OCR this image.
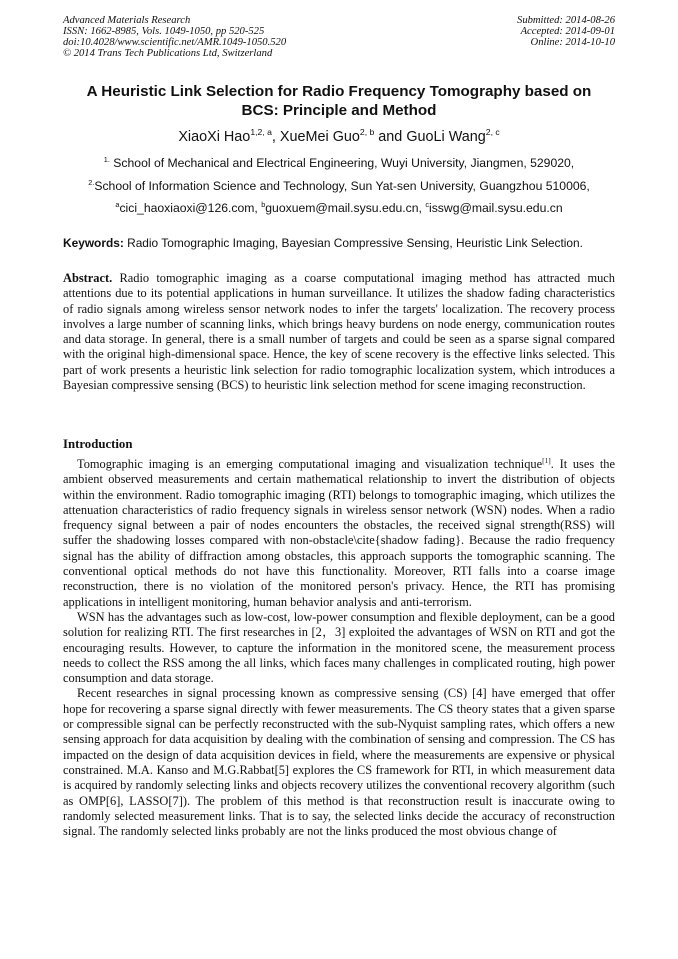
Advanced Materials Research
ISSN: 1662-8985, Vols. 1049-1050, pp 520-525
doi:10.4028/www.scientific.net/AMR.1049-1050.520
© 2014 Trans Tech Publications Ltd, Switzerland
Submitted: 2014-08-26
Accepted: 2014-09-01
Online: 2014-10-10
A Heuristic Link Selection for Radio Frequency Tomography based on
BCS: Principle and Method
XiaoXi Hao$^{1,2, a}$, XueMei Guo$^{2, b}$ and GuoLi Wang$^{2, c}$
$^{1.}$ School of Mechanical and Electrical Engineering, Wuyi University, Jiangmen, 529020,
$^{2.}$School of Information Science and Technology, Sun Yat-sen University, Guangzhou 510006,
$^a$cici_haoxiaoxi@126.com, $^b$guoxuem@mail.sysu.edu.cn, $^c$isswg@mail.sysu.edu.cn
Keywords: Radio Tomographic Imaging, Bayesian Compressive Sensing, Heuristic Link Selection.

Abstract. Radio tomographic imaging as a coarse computational imaging method has attracted much attentions due to its potential applications in human surveillance. It utilizes the shadow fading characteristics of radio signals among wireless sensor network nodes to infer the targets' localization. The recovery process involves a large number of scanning links, which brings heavy burdens on node energy, communication routes and data storage. In general, there is a small number of targets and could be seen as a sparse signal compared with the original high-dimensional space. Hence, the key of scene recovery is the effective links selected. This part of work presents a heuristic link selection for radio tomographic localization system, which introduces a Bayesian compressive sensing (BCS) to heuristic link selection method for scene imaging reconstruction.

Introduction

Tomographic imaging is an emerging computational imaging and visualization technique[1]. It uses the ambient observed measurements and certain mathematical relationship to invert the distribution of objects within the environment. Radio tomographic imaging (RTI) belongs to tomographic imaging, which utilizes the attenuation characteristics of radio frequency signals in wireless sensor network (WSN) nodes. When a radio frequency signal between a pair of nodes encounters the obstacles, the received signal strength(RSS) will suffer the shadowing losses compared with non-obstacle\cite{shadow fading}. Because the radio frequency signal has the ability of diffraction among obstacles, this approach supports the tomographic scanning. The conventional optical methods do not have this functionality. Moreover, RTI falls into a coarse image reconstruction, there is no violation of the monitored person's privacy. Hence, the RTI has promising applications in intelligent monitoring, human behavior analysis and anti-terrorism.

WSN has the advantages such as low-cost, low-power consumption and flexible deployment, can be a good solution for realizing RTI. The first researches in [2，3] exploited the advantages of WSN on RTI and got the encouraging results. However, to capture the information in the monitored scene, the measurement process needs to collect the RSS among the all links, which faces many challenges in complicated routing, high power consumption and data storage.

Recent researches in signal processing known as compressive sensing (CS) [4] have emerged that offer hope for recovering a sparse signal directly with fewer measurements. The CS theory states that a given sparse or compressible signal can be perfectly reconstructed with the sub-Nyquist sampling rates, which offers a new sensing approach for data acquisition by dealing with the combination of sensing and compression. The CS has impacted on the design of data acquisition devices in field, where the measurements are expensive or physical constrained. M.A. Kanso and M.G.Rabbat[5] explores the CS framework for RTI, in which measurement data is acquired by randomly selecting links and objects recovery utilizes the conventional recovery algorithm (such as OMP[6], LASSO[7]). The problem of this method is that reconstruction result is inaccurate owing to randomly selected measurement links. That is to say, the selected links decide the accuracy of reconstruction signal. The randomly selected links probably are not the links produced the most obvious change of
